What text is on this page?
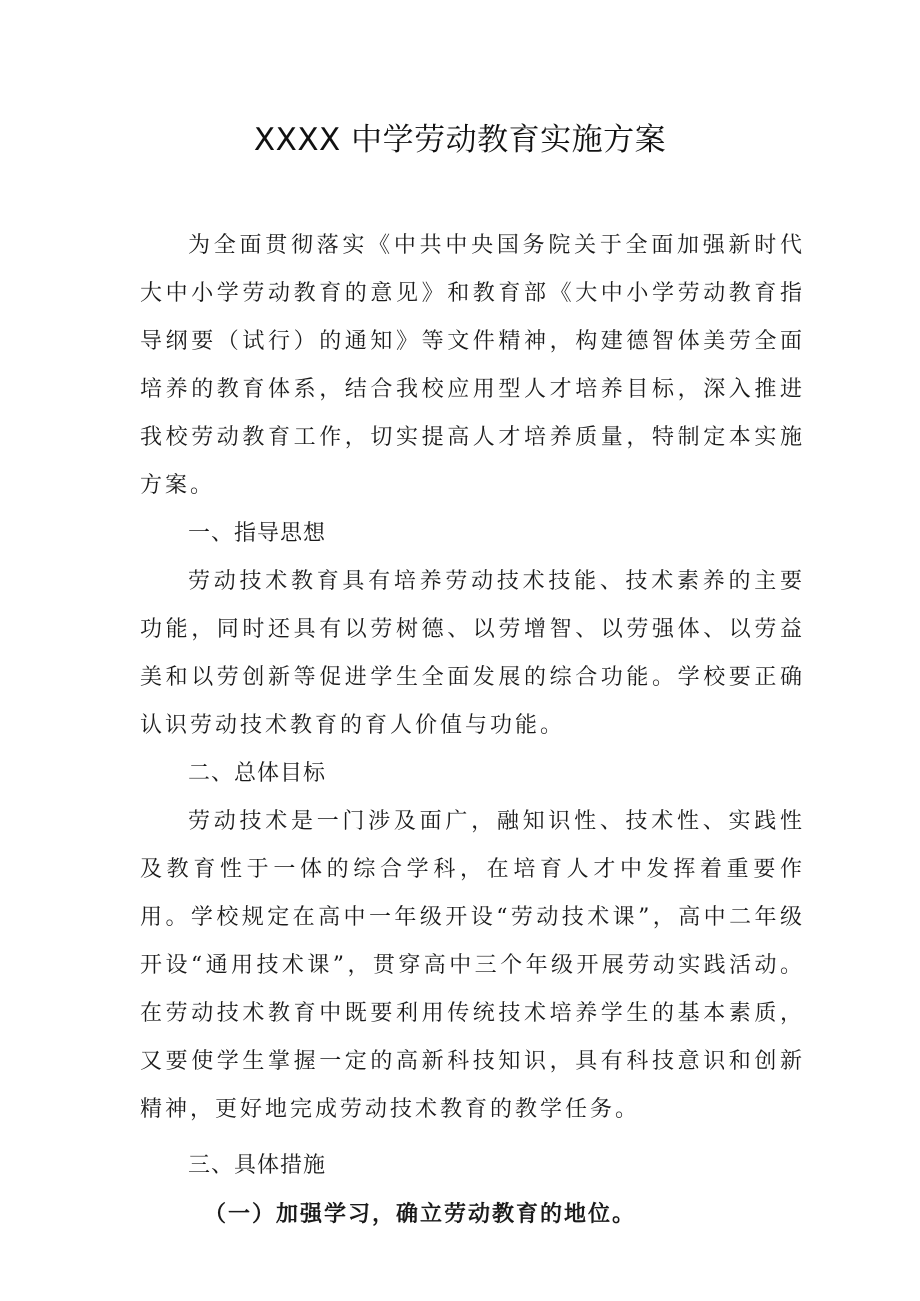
XXXX 中学劳动教育实施方案

为全面贯彻落实《中共中央国务院关于全面加强新时代大中小学劳动教育的意见》和教育部《大中小学劳动教育指导纲要（试行）的通知》等文件精神，构建德智体美劳全面培养的教育体系，结合我校应用型人才培养目标，深入推进我校劳动教育工作，切实提高人才培养质量，特制定本实施方案。

一、指导思想

劳动技术教育具有培养劳动技术技能、技术素养的主要功能，同时还具有以劳树德、以劳增智、以劳强体、以劳益美和以劳创新等促进学生全面发展的综合功能。学校要正确认识劳动技术教育的育人价值与功能。

二、总体目标

劳动技术是一门涉及面广，融知识性、技术性、实践性及教育性于一体的综合学科，在培育人才中发挥着重要作用。学校规定在高中一年级开设“劳动技术课”，高中二年级开设“通用技术课”，贯穿高中三个年级开展劳动实践活动。在劳动技术教育中既要利用传统技术培养学生的基本素质，又要使学生掌握一定的高新科技知识，具有科技意识和创新精神，更好地完成劳动技术教育的教学任务。

三、具体措施
（一）加强学习，确立劳动教育的地位。
